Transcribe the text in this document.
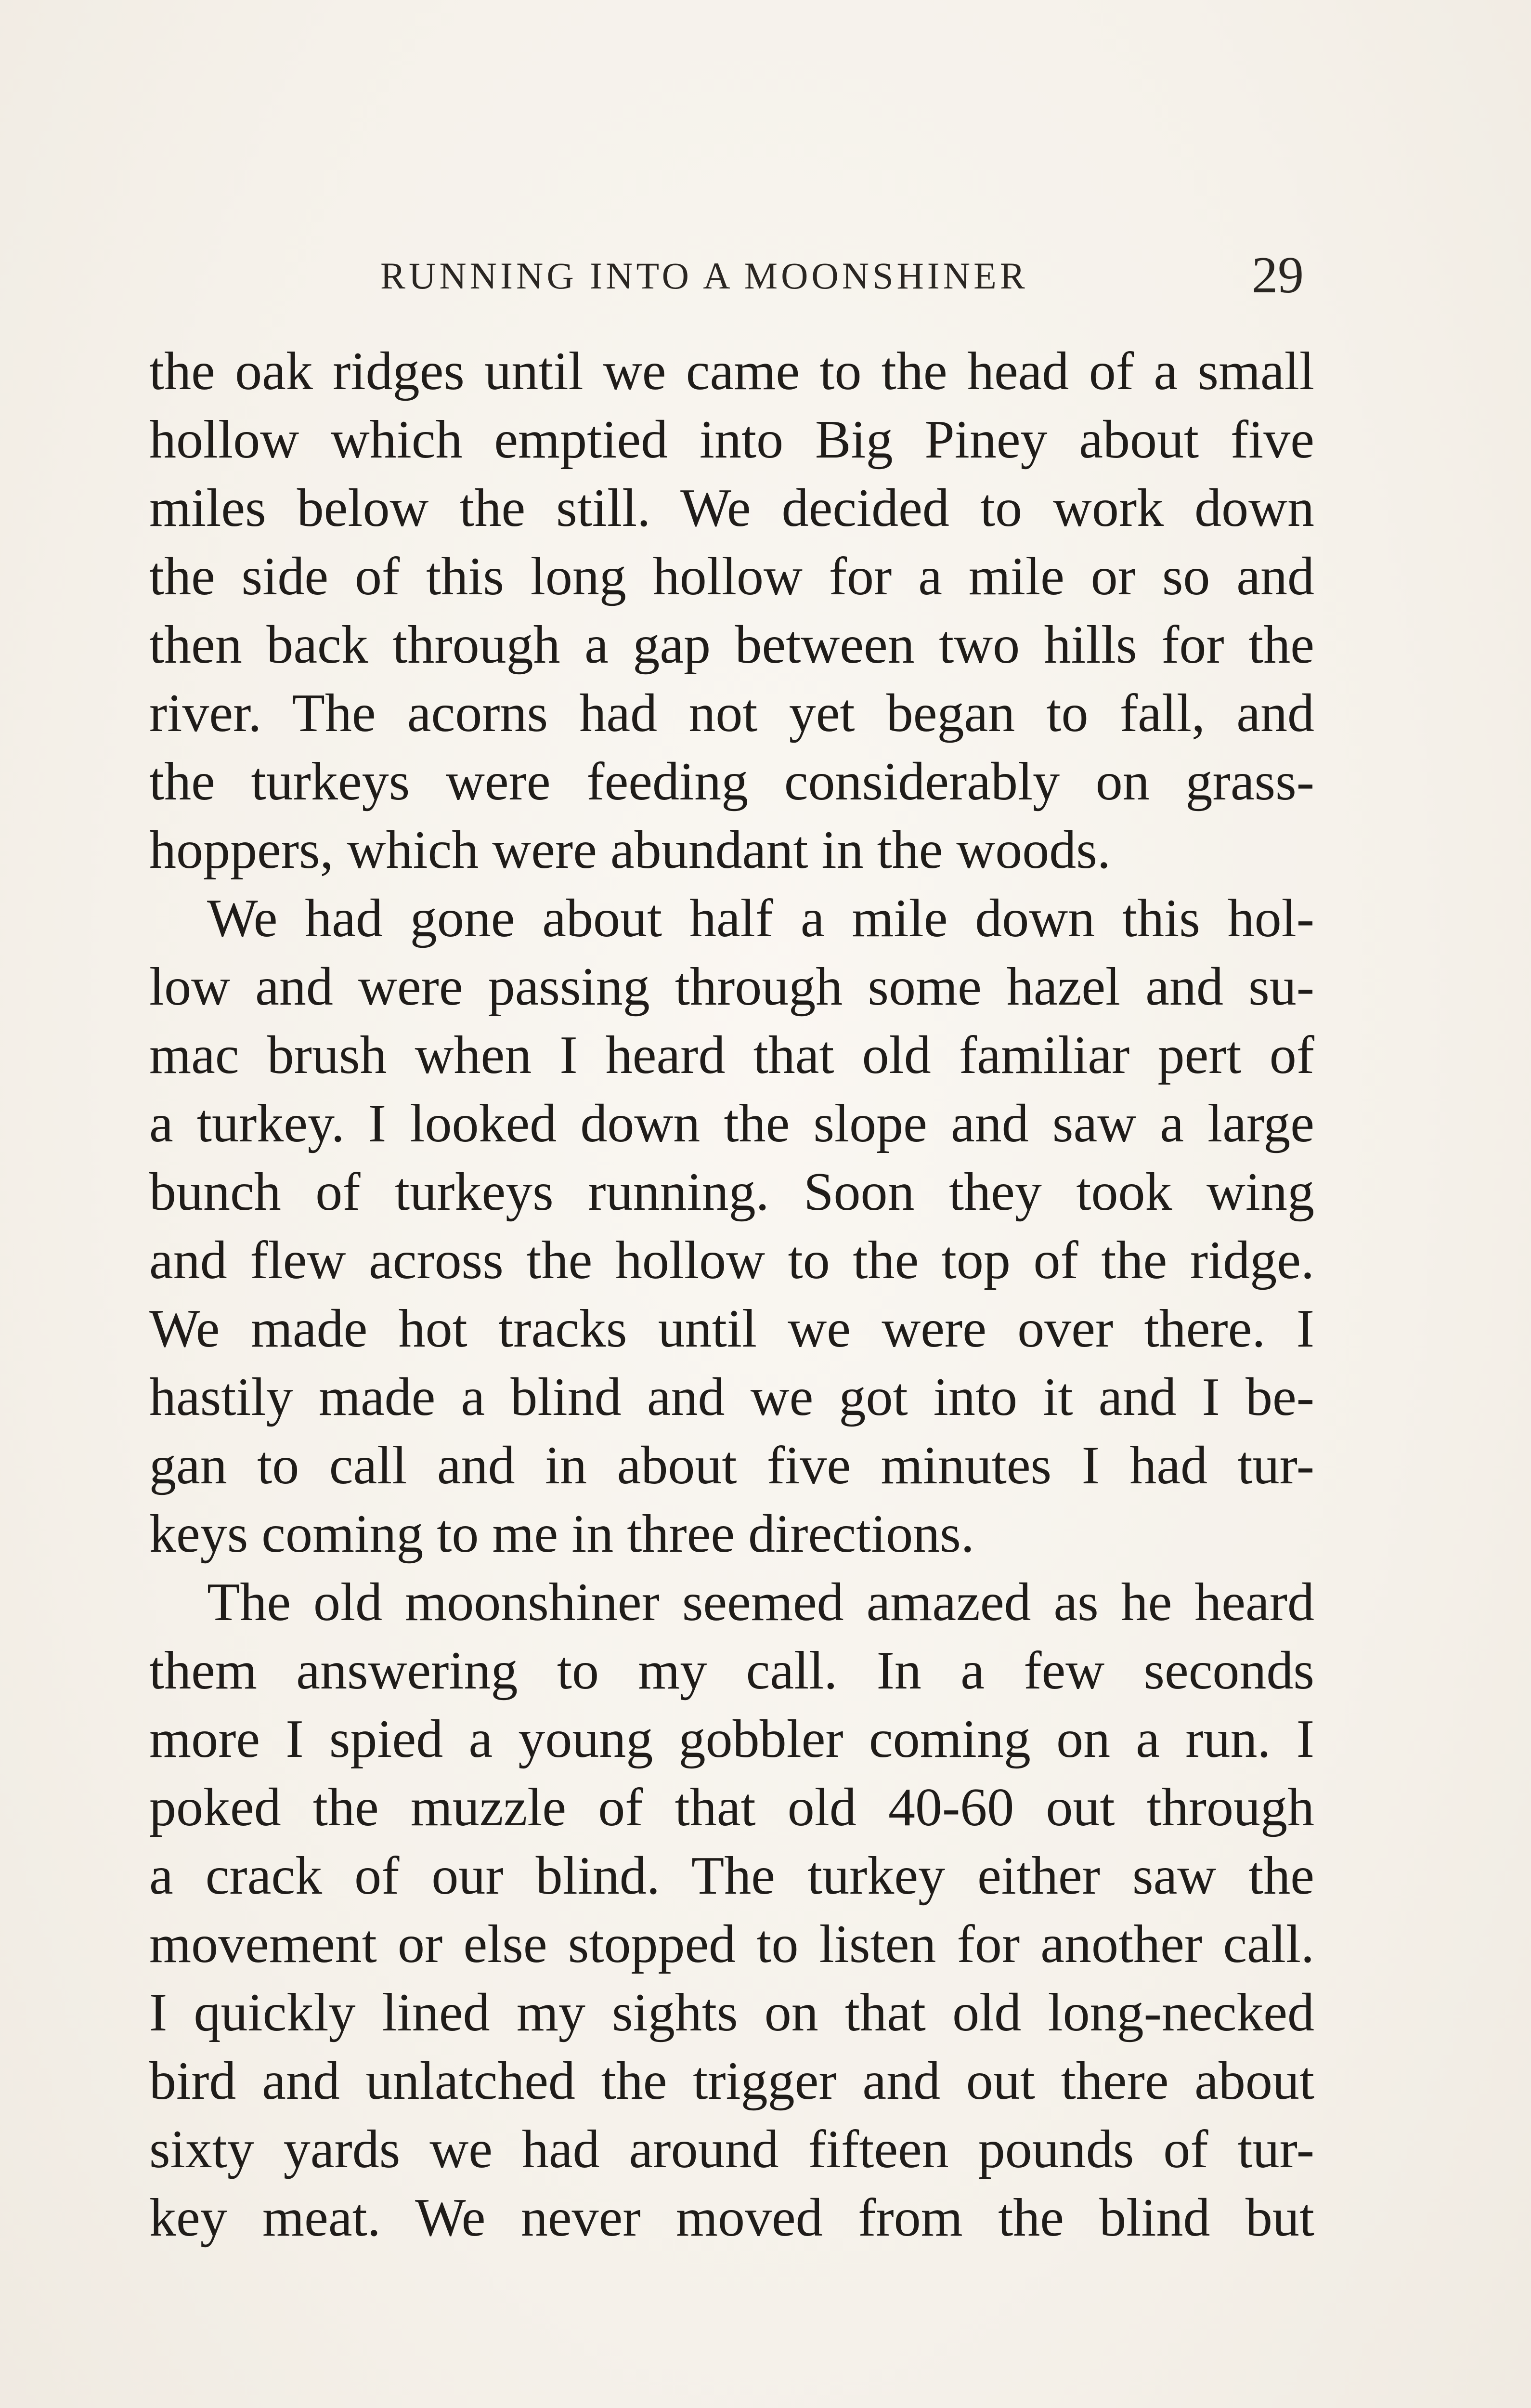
RUNNING INTO A MOONSHINER	29
the oak ridges until we came to the head of a small
hollow which emptied into Big Piney about five
miles below the still. We decided to work down
the side of this long hollow for a mile or so and
then back through a gap between two hills for the
river. The acorns had not yet began to fall, and
the turkeys were feeding considerably on grass-
hoppers, which were abundant in the woods.
We had gone about half a mile down this hol-
low and were passing through some hazel and su-
mac brush when I heard that old familiar pert of
a turkey. I looked down the slope and saw a large
bunch of turkeys running. Soon they took wing
and flew across the hollow to the top of the ridge.
We made hot tracks until we were over there. I
hastily made a blind and we got into it and I be-
gan to call and in about five minutes I had tur-
keys coming to me in three directions.
The old moonshiner seemed amazed as he heard
them answering to my call. In a few seconds
more I spied a young gobbler coming on a run. I
poked the muzzle of that old 40-60 out through
a crack of our blind. The turkey either saw the
movement or else stopped to listen for another call.
I quickly lined my sights on that old long-necked
bird and unlatched the trigger and out there about
sixty yards we had around fifteen pounds of tur-
key meat. We never moved from the blind but
